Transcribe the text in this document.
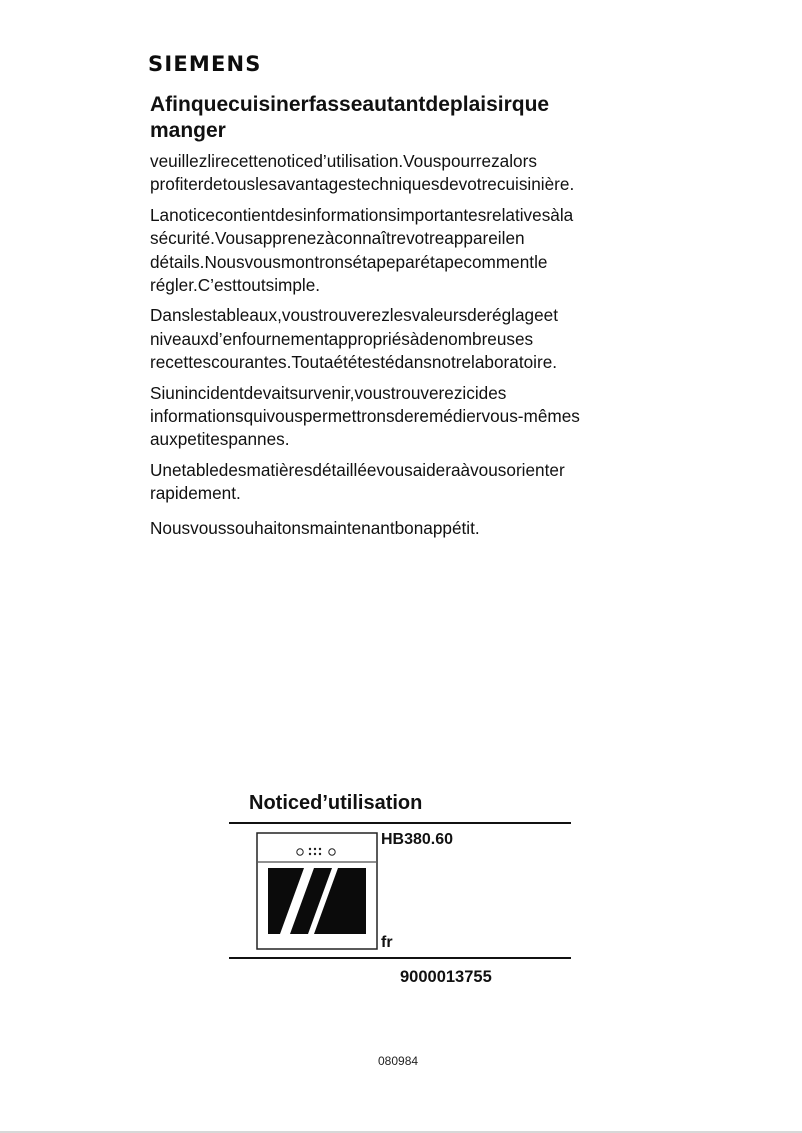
SIEMENS
Afinquecuisinerfasseautantdeplaisirque manger

veuillezlirecettenoticed’utilisation.Vouspourrezalors profiterdetouslesavantagestechniquesdevotrecuisinière.

Lanoticecontientdesinformationsimportantesrelativesàla sécurité.Vousapprenezàconnaîtrevotreappareilen détails.Nousvousmontronsétapeparétapecommentle régler.C’esttoutsimple.

Danslestableaux,voustrouverezlesvaleursderéglageet niveauxd’enfournementappropriésàdenombreuses recettescourantes.Toutaététestédansnotrelaboratoire.

Siunincidentdevaitsurvenir,voustrouverezicides informationsquivouspermettronsderemédiervous-mêmes auxpetitespannes.

Unetabledesmatièresdétailléevousaideraàvousorienter rapidement.

Nousvoussouhaitonsmaintenantbonappétit.

Noticed’utilisation
HB380.60
fr
9000013755
080984
